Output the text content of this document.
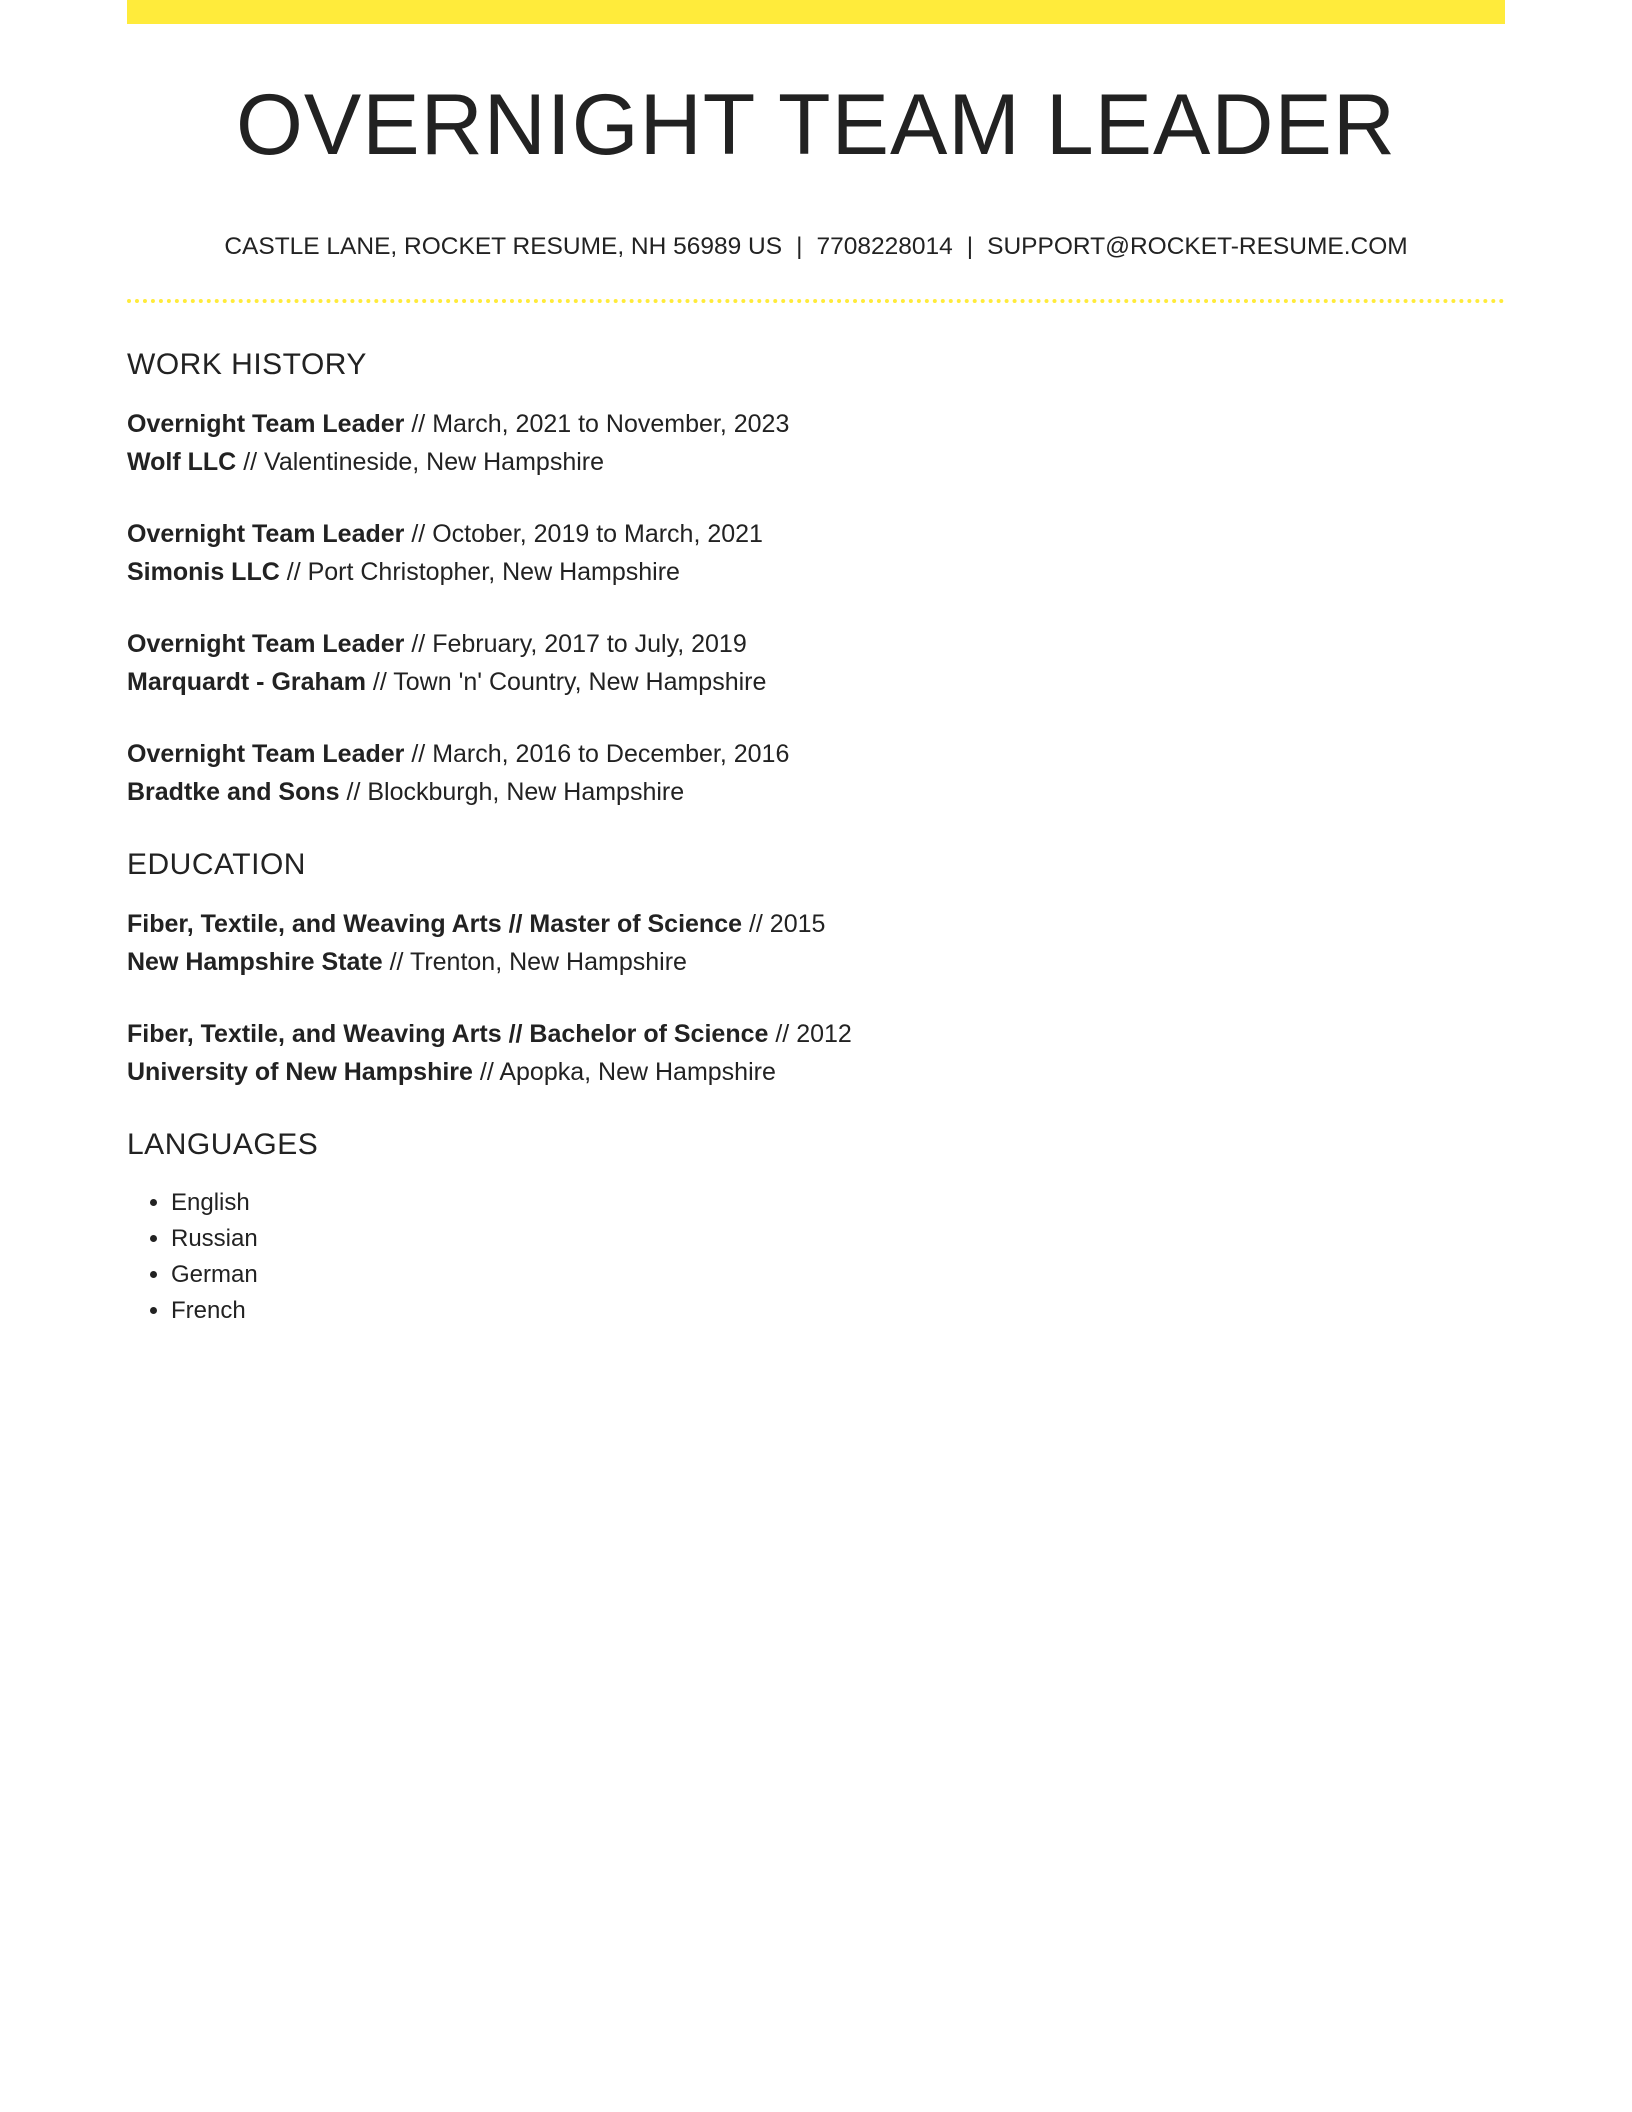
OVERNIGHT TEAM LEADER
CASTLE LANE, ROCKET RESUME, NH 56989 US | 7708228014 | SUPPORT@ROCKET-RESUME.COM
WORK HISTORY
Overnight Team Leader // March, 2021 to November, 2023
Wolf LLC // Valentineside, New Hampshire
Overnight Team Leader // October, 2019 to March, 2021
Simonis LLC // Port Christopher, New Hampshire
Overnight Team Leader // February, 2017 to July, 2019
Marquardt - Graham // Town 'n' Country, New Hampshire
Overnight Team Leader // March, 2016 to December, 2016
Bradtke and Sons // Blockburgh, New Hampshire
EDUCATION
Fiber, Textile, and Weaving Arts // Master of Science // 2015
New Hampshire State // Trenton, New Hampshire
Fiber, Textile, and Weaving Arts // Bachelor of Science // 2012
University of New Hampshire // Apopka, New Hampshire
LANGUAGES
• English
• Russian
• German
• French
